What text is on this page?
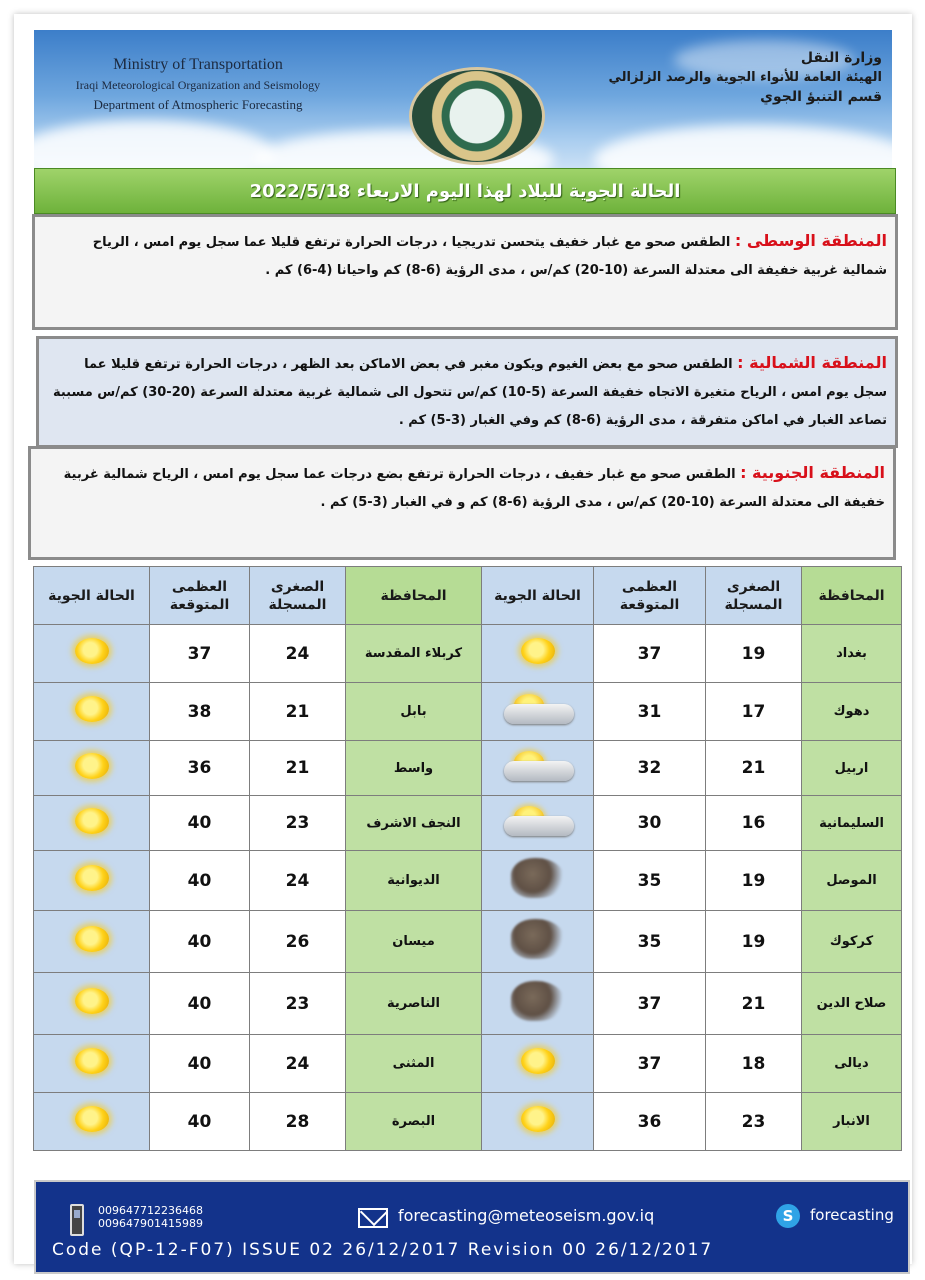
Ministry of Transportation
Iraqi Meteorological Organization and Seismology
Department of Atmospheric Forecasting
وزارة النقل
الهيئة العامة للأنواء الجوية والرصد الزلزالي
قسم التنبؤ الجوي
الحالة الجوية للبلاد لهذا اليوم الاربعاء 2022/5/18
المنطقة الوسطى : الطقس صحو مع غبار خفيف يتحسن تدريجيا ، درجات الحرارة ترتفع قليلا عما سجل يوم امس ، الرياح شمالية غربية خفيفة الى معتدلة السرعة (10-20) كم/س ، مدى الرؤية (6-8) كم واحيانا (4-6) كم .
المنطقة الشمالية : الطقس صحو مع بعض الغيوم ويكون مغبر في بعض الاماكن بعد الظهر ، درجات الحرارة ترتفع قليلا عما سجل يوم امس ، الرياح متغيرة الاتجاه خفيفة السرعة (5-10) كم/س تتحول الى شمالية غربية معتدلة السرعة (20-30) كم/س مسببة تصاعد الغبار في اماكن متفرقة ، مدى الرؤية (6-8) كم وفي الغبار (3-5) كم .
المنطقة الجنوبية : الطقس صحو مع غبار خفيف ، درجات الحرارة ترتفع بضع درجات عما سجل يوم امس ، الرياح شمالية غربية خفيفة الى معتدلة السرعة (10-20) كم/س ، مدى الرؤية (6-8) كم و في الغبار (3-5) كم .
المحافظة	الصغرى المسجلة	العظمى المتوقعة	الحالة الجوية	المحافظة	الصغرى المسجلة	العظمى المتوقعة	الحالة الجوية
بغداد	19	37		كربلاء المقدسة	24	37	
دهوك	17	31		بابل	21	38	
اربيل	21	32		واسط	21	36	
السليمانية	16	30		النجف الاشرف	23	40	
الموصل	19	35		الديوانية	24	40	
كركوك	19	35		ميسان	26	40	
صلاح الدين	21	37		الناصرية	23	40	
ديالى	18	37		المثنى	24	40	
الانبار	23	36		البصرة	28	40	
009647712236468
009647901415989	forecasting@meteoseism.gov.iq	S	forecasting
Code (QP-12-F07) ISSUE 02 26/12/2017 Revision 00 26/12/2017
